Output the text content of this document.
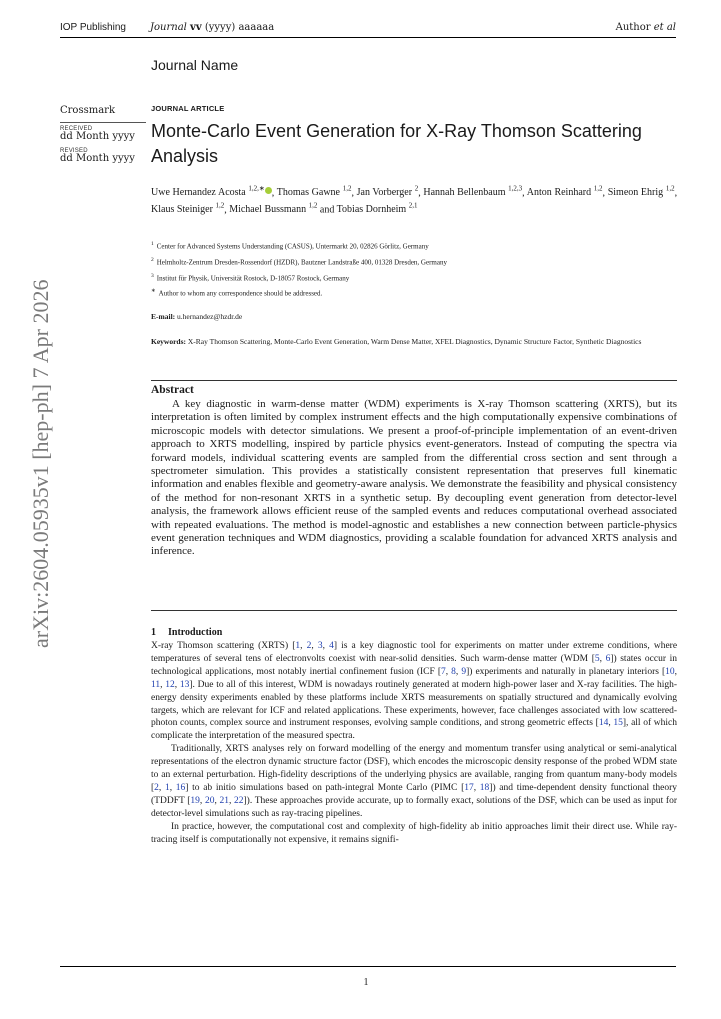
IOP Publishing Journal vv (yyyy) aaaaaa	Author et al
Journal Name
Crossmark
RECEIVED
dd Month yyyy
REVISED
dd Month yyyy
JOURNAL ARTICLE
Monte-Carlo Event Generation for X-Ray Thomson Scattering
Analysis
Uwe Hernandez Acosta $^{1,2,∗}$ , Thomas Gawne $^{1,2}$, Jan Vorberger $^2$, Hannah Bellenbaum $^{1,2,3}$, Anton Reinhard $^{1,2}$, Simeon Ehrig $^{1,2}$, Klaus Steiniger $^{1,2}$, Michael Bussmann $^{1,2}$ and Tobias Dornheim $^{2,1}$
$^1$ Center for Advanced Systems Understanding (CASUS), Untermarkt 20, 02826 Görlitz, Germany
$^2$ Helmholtz-Zentrum Dresden-Rossendorf (HZDR), Bautzner Landstraße 400, 01328 Dresden, Germany
$^3$ Institut für Physik, Universität Rostock, D-18057 Rostock, Germany
∗ Author to whom any correspondence should be addressed.
E-mail: u.hernandez@hzdr.de
Keywords: X-Ray Thomson Scattering, Monte-Carlo Event Generation, Warm Dense Matter, XFEL Diagnostics, Dynamic Structure Factor, Synthetic Diagnostics
Abstract
A key diagnostic in warm-dense matter (WDM) experiments is X-ray Thomson scattering (XRTS), but its interpretation is often limited by complex instrument effects and the high computationally expensive combinations of microscopic models with detector simulations. We present a proof-of-principle implementation of an event-driven approach to XRTS modelling, inspired by particle physics event-generators. Instead of computing the spectra via forward models, individual scattering events are sampled from the differential cross section and sent through a spectrometer simulation. This provides a statistically consistent representation that preserves full kinematic information and enables flexible and geometry-aware analysis. We demonstrate the feasibility and physical consistency of the method for non-resonant XRTS in a synthetic setup. By decoupling event generation from detector-level analysis, the framework allows efficient reuse of the sampled events and reduces computational overhead associated with repeated evaluations. The method is model-agnostic and establishes a new connection between particle-physics event generation techniques and WDM diagnostics, providing a scalable foundation for advanced XRTS analysis and inference.
1 Introduction

X-ray Thomson scattering (XRTS) [1, 2, 3, 4] is a key diagnostic tool for experiments on matter under extreme conditions, where temperatures of several tens of electronvolts coexist with near-solid densities. Such warm-dense matter (WDM [5, 6]) states occur in technological applications, most notably inertial confinement fusion (ICF [7, 8, 9]) experiments and naturally in planetary interiors [10, 11, 12, 13]. Due to all of this interest, WDM is nowadays routinely generated at modern high-power laser and X-ray facilities. The high-energy density experiments enabled by these platforms include XRTS measurements on spatially structured and dynamically evolving targets, which are relevant for ICF and related applications. These experiments, however, face challenges associated with low scattered-photon counts, complex source and instrument responses, evolving sample conditions, and strong geometric effects [14, 15], all of which complicate the interpretation of the measured spectra.

Traditionally, XRTS analyses rely on forward modelling of the energy and momentum transfer using analytical or semi-analytical representations of the electron dynamic structure factor (DSF), which encodes the microscopic density response of the probed WDM state to an external perturbation. High-fidelity descriptions of the underlying physics are available, ranging from quantum many-body models [2, 1, 16] to ab initio simulations based on path-integral Monte Carlo (PIMC [17, 18]) and time-dependent density functional theory (TDDFT [19, 20, 21, 22]). These approaches provide accurate, up to formally exact, solutions of the DSF, which can be used as input for detector-level simulations such as ray-tracing pipelines.

In practice, however, the computational cost and complexity of high-fidelity ab initio approaches limit their direct use. While ray-tracing itself is computationally not expensive, it remains signifi-

1
arXiv:2604.05935v1 [hep-ph] 7 Apr 2026
